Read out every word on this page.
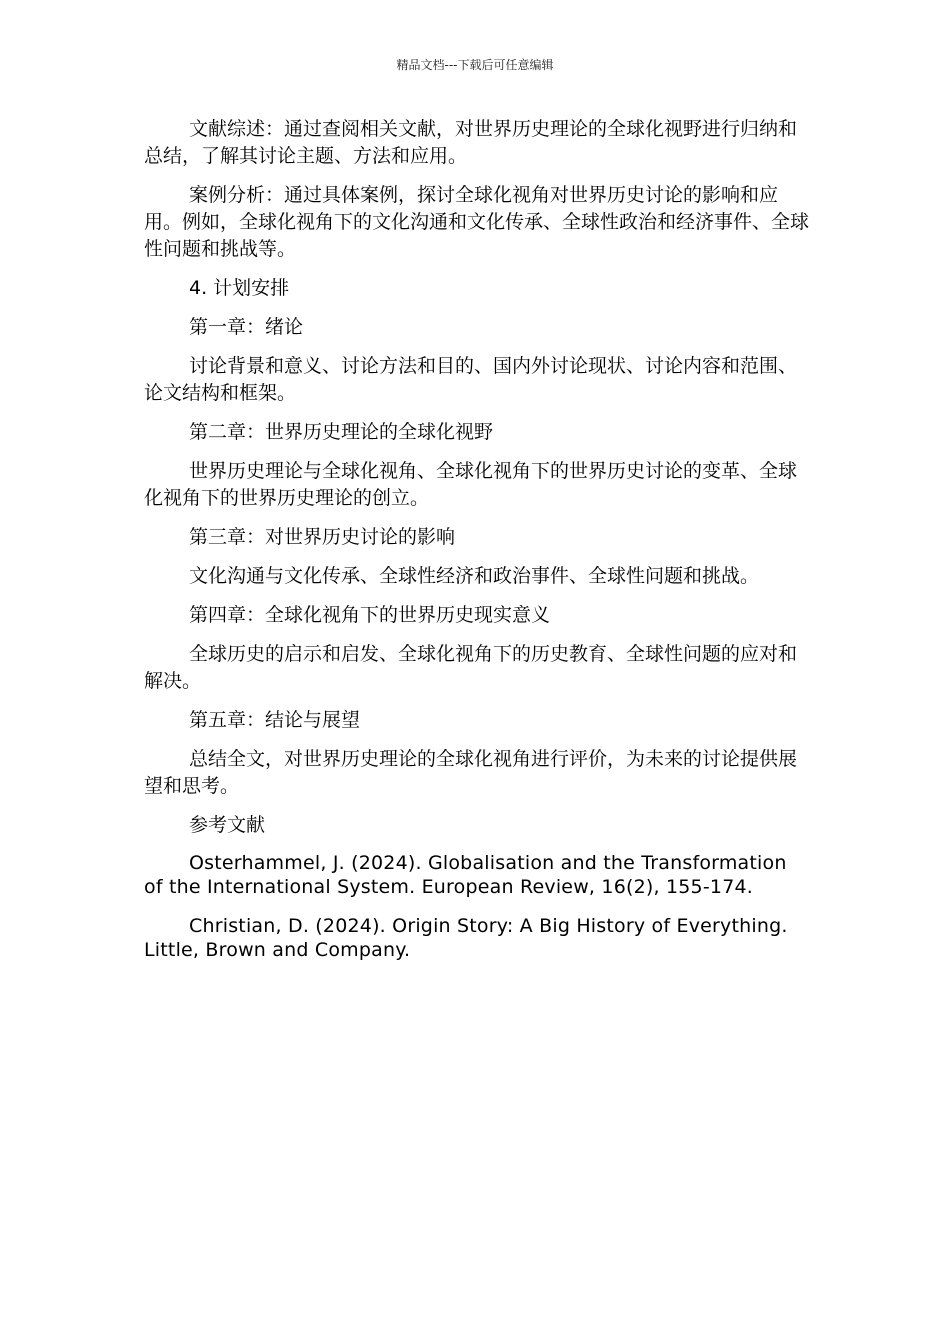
精品文档---下载后可任意编辑

文献综述：通过查阅相关文献，对世界历史理论的全球化视野进行归纳和总结，了解其讨论主题、方法和应用。

案例分析：通过具体案例，探讨全球化视角对世界历史讨论的影响和应用。例如，全球化视角下的文化沟通和文化传承、全球性政治和经济事件、全球性问题和挑战等。

4. 计划安排

第一章：绪论

讨论背景和意义、讨论方法和目的、国内外讨论现状、讨论内容和范围、论文结构和框架。

第二章：世界历史理论的全球化视野

世界历史理论与全球化视角、全球化视角下的世界历史讨论的变革、全球化视角下的世界历史理论的创立。

第三章：对世界历史讨论的影响

文化沟通与文化传承、全球性经济和政治事件、全球性问题和挑战。

第四章：全球化视角下的世界历史现实意义

全球历史的启示和启发、全球化视角下的历史教育、全球性问题的应对和解决。

第五章：结论与展望

总结全文，对世界历史理论的全球化视角进行评价，为未来的讨论提供展望和思考。

参考文献

Osterhammel, J. (2024). Globalisation and the Transformation of the International System. European Review, 16(2), 155-174.

Christian, D. (2024). Origin Story: A Big History of Everything. Little, Brown and Company.
